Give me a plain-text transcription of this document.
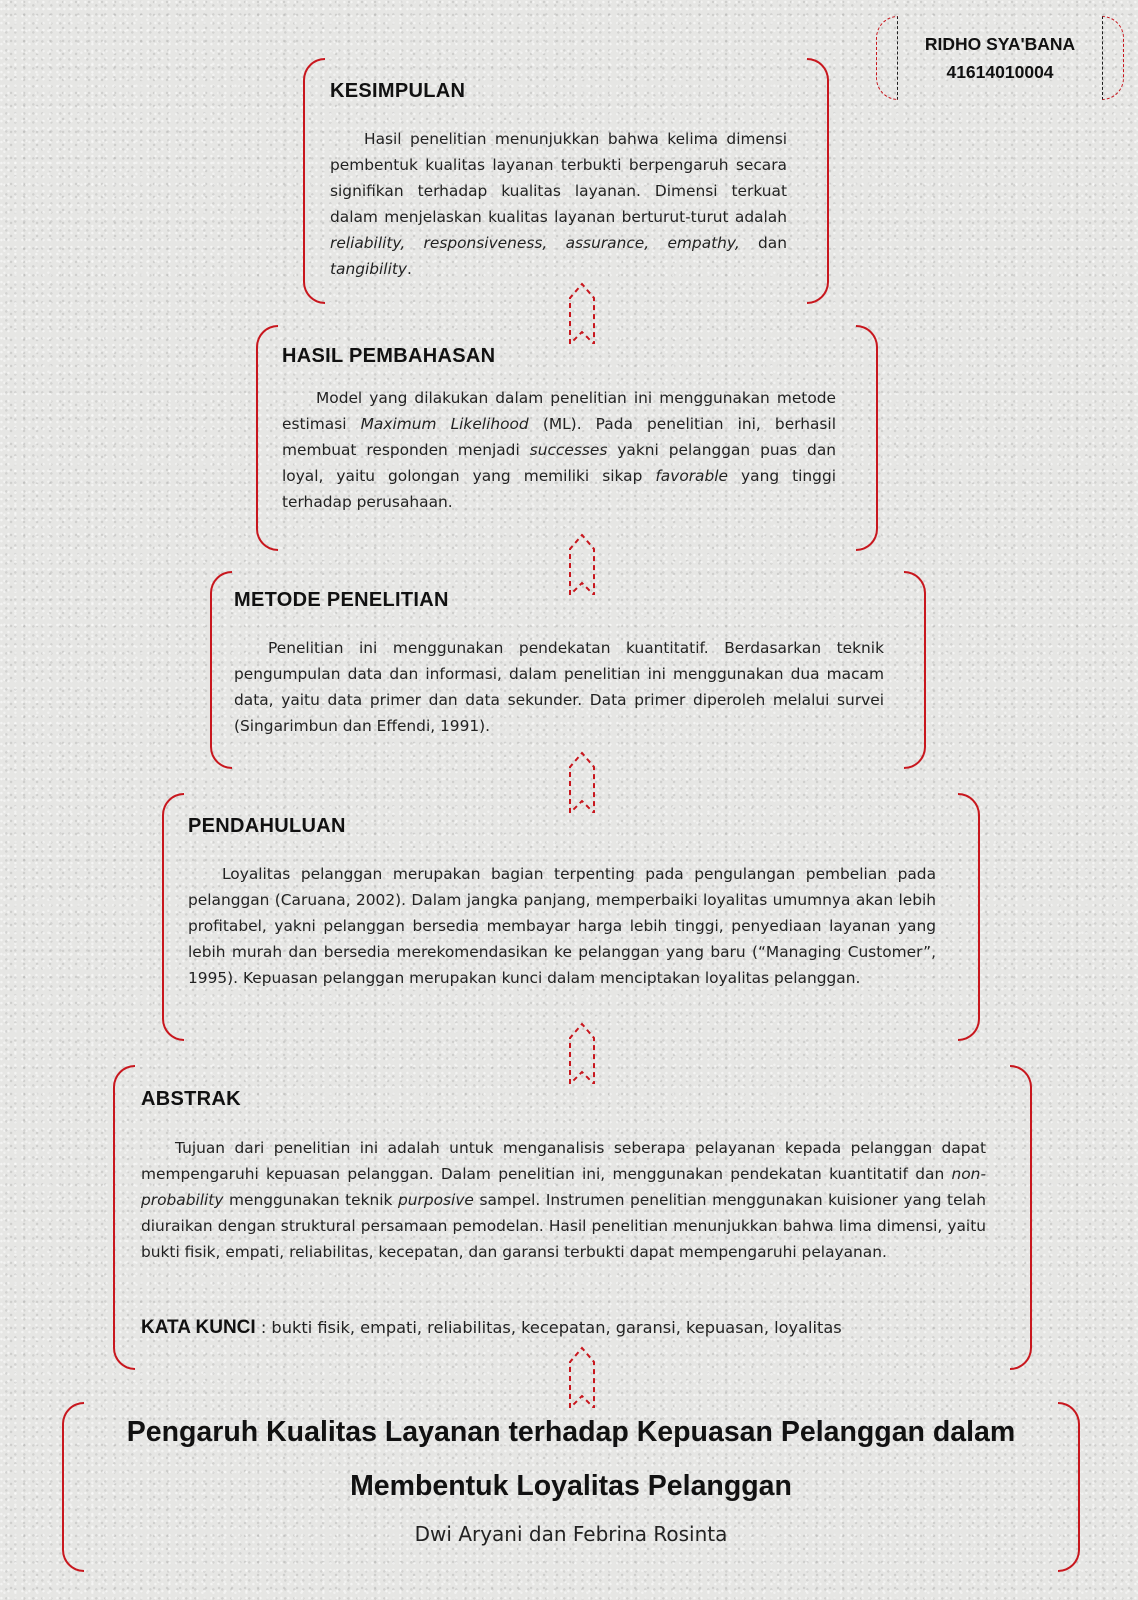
RIDHO SYA'BANA
41614010004
KESIMPULAN

Hasil penelitian menunjukkan bahwa kelima dimensi pembentuk kualitas layanan terbukti berpengaruh secara signifikan terhadap kualitas layanan. Dimensi terkuat dalam menjelaskan kualitas layanan berturut-turut adalah reliability, responsiveness, assurance, empathy, dan tangibility.

HASIL PEMBAHASAN

Model yang dilakukan dalam penelitian ini menggunakan metode estimasi Maximum Likelihood (ML). Pada penelitian ini, berhasil membuat responden menjadi successes yakni pelanggan puas dan loyal, yaitu golongan yang memiliki sikap favorable yang tinggi terhadap perusahaan.

METODE PENELITIAN

Penelitian ini menggunakan pendekatan kuantitatif. Berdasarkan teknik pengumpulan data dan informasi, dalam penelitian ini menggunakan dua macam data, yaitu data primer dan data sekunder. Data primer diperoleh melalui survei (Singarimbun dan Effendi, 1991).

PENDAHULUAN

Loyalitas pelanggan merupakan bagian terpenting pada pengulangan pembelian pada pelanggan (Caruana, 2002). Dalam jangka panjang, memperbaiki loyalitas umumnya akan lebih profitabel, yakni pelanggan bersedia membayar harga lebih tinggi, penyediaan layanan yang lebih murah dan bersedia merekomendasikan ke pelanggan yang baru (“Managing Customer”, 1995). Kepuasan pelanggan merupakan kunci dalam menciptakan loyalitas pelanggan.

ABSTRAK

Tujuan dari penelitian ini adalah untuk menganalisis seberapa pelayanan kepada pelanggan dapat mempengaruhi kepuasan pelanggan. Dalam penelitian ini, menggunakan pendekatan kuantitatif dan non-probability menggunakan teknik purposive sampel. Instrumen penelitian menggunakan kuisioner yang telah diuraikan dengan struktural persamaan pemodelan. Hasil penelitian menunjukkan bahwa lima dimensi, yaitu bukti fisik, empati, reliabilitas, kecepatan, dan garansi terbukti dapat mempengaruhi pelayanan.

KATA KUNCI : bukti fisik, empati, reliabilitas, kecepatan, garansi, kepuasan, loyalitas

Pengaruh Kualitas Layanan terhadap Kepuasan Pelanggan dalam
Membentuk Loyalitas Pelanggan

Dwi Aryani dan Febrina Rosinta
